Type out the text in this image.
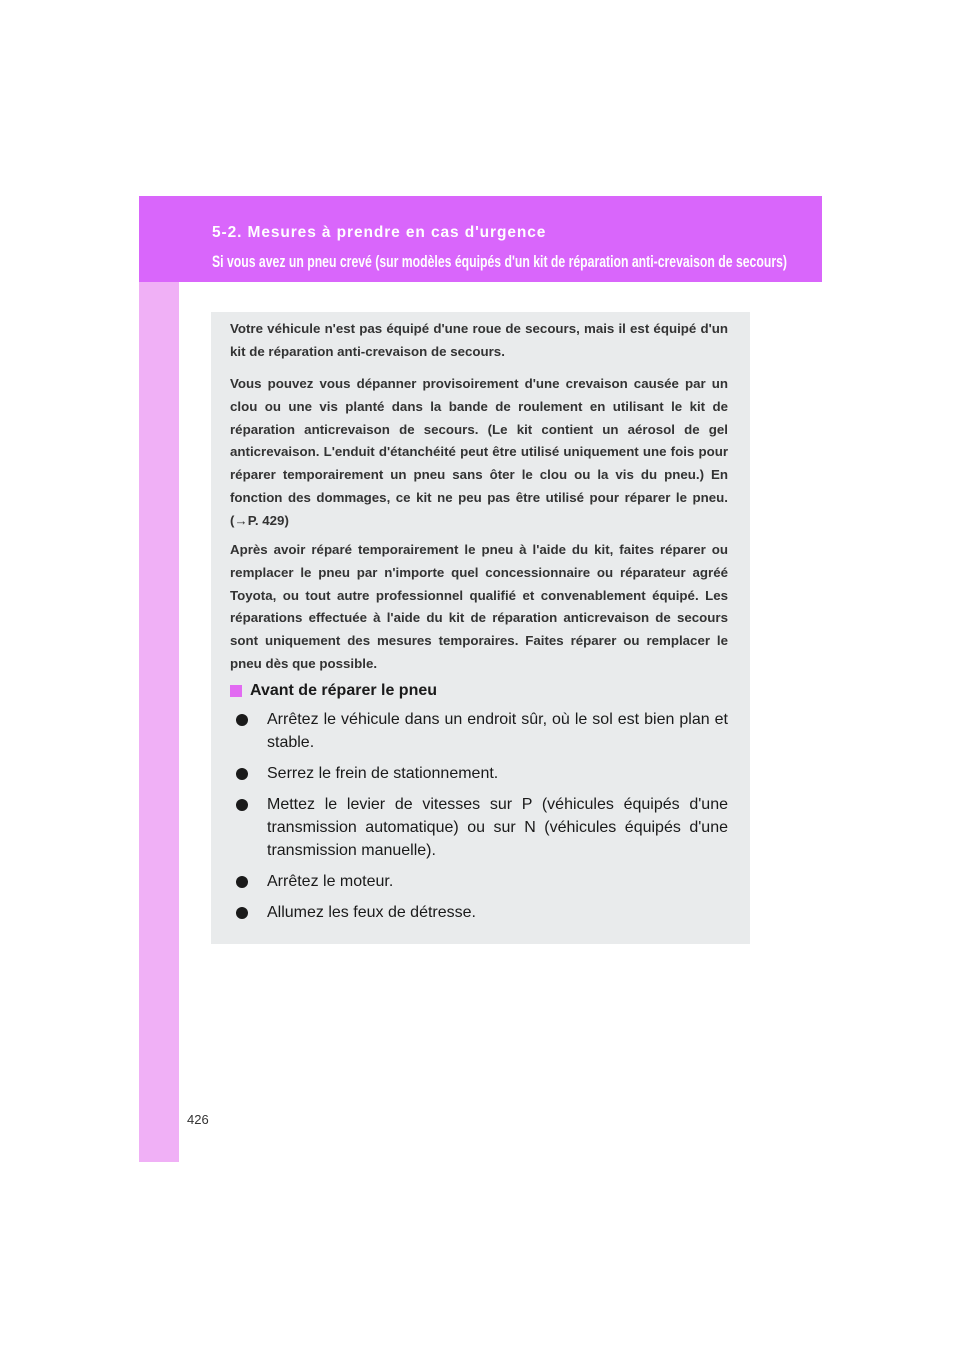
5-2. Mesures à prendre en cas d'urgence
Si vous avez un pneu crevé (sur modèles équipés d'un kit de réparation anti-crevaison de secours)

Votre véhicule n'est pas équipé d'une roue de secours, mais il est équipé d'un kit de réparation anti-crevaison de secours.

Vous pouvez vous dépanner provisoirement d'une crevaison causée par un clou ou une vis planté dans la bande de roulement en utilisant le kit de réparation anticrevaison de secours. (Le kit contient un aérosol de gel anticrevaison. L'enduit d'étanchéité peut être utilisé uniquement une fois pour réparer temporairement un pneu sans ôter le clou ou la vis du pneu.) En fonction des dommages, ce kit ne peu pas être utilisé pour réparer le pneu. (→P. 429)

Après avoir réparé temporairement le pneu à l'aide du kit, faites réparer ou remplacer le pneu par n'importe quel concessionnaire ou réparateur agréé Toyota, ou tout autre professionnel qualifié et convenablement équipé. Les réparations effectuée à l'aide du kit de réparation anticrevaison de secours sont uniquement des mesures temporaires. Faites réparer ou remplacer le pneu dès que possible.

Avant de réparer le pneu
Arrêtez le véhicule dans un endroit sûr, où le sol est bien plan et stable.
Serrez le frein de stationnement.
Mettez le levier de vitesses sur P (véhicules équipés d'une transmission automatique) ou sur N (véhicules équipés d'une transmission manuelle).
Arrêtez le moteur.
Allumez les feux de détresse.
426
